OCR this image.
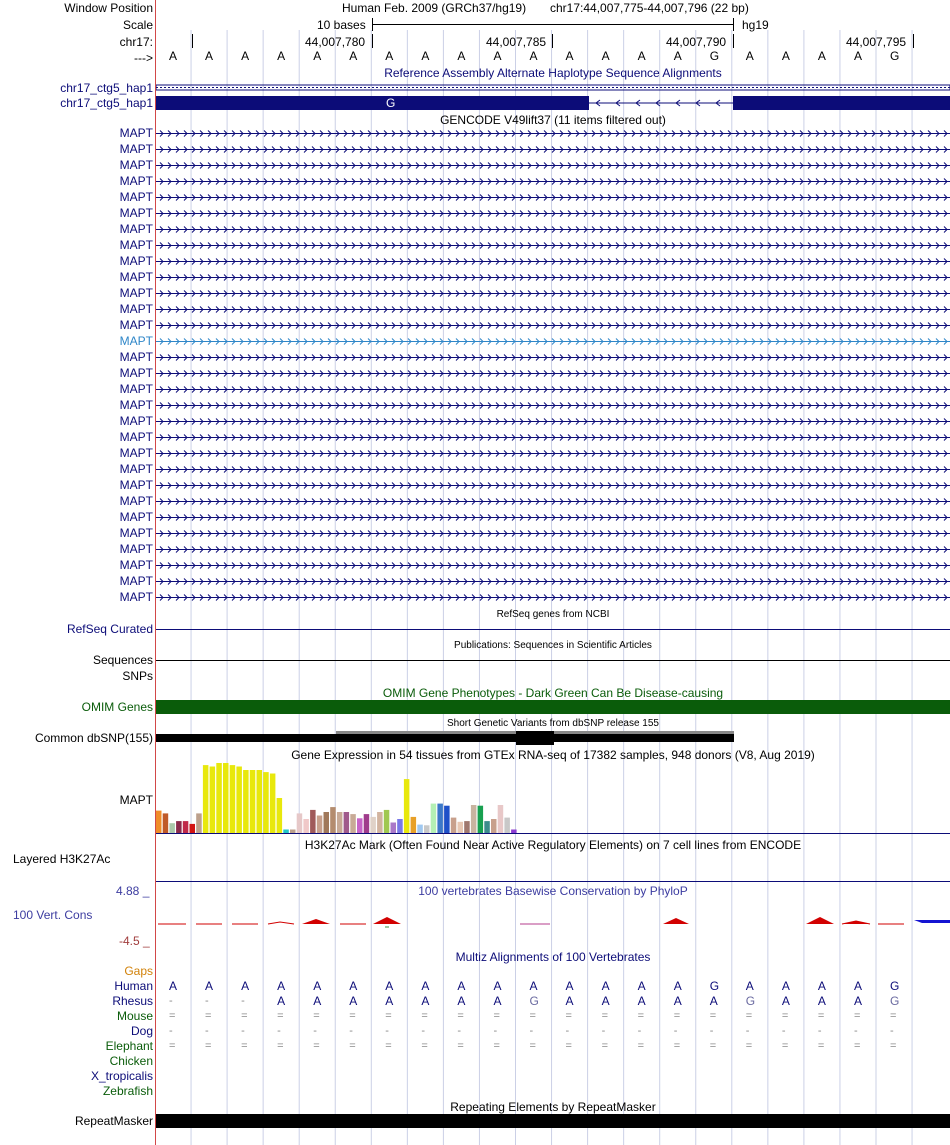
Window Position
Scale
chr17:
--->
Human Feb. 2009 (GRCh37/hg19) chr17:44,007,775-44,007,796 (22 bp)
10 bases	hg19
44,007,780	44,007,785	44,007,790	44,007,795
A A A A A A A A A A A A A A A G A A A A G
Reference Assembly Alternate Haplotype Sequence Alignments
chr17_ctg5_hap1
chr17_ctg5_hap1	G
GENCODE V49lift37 (11 items filtered out)
MAPT
MAPT
MAPT
MAPT
MAPT
MAPT
MAPT
MAPT
MAPT
MAPT
MAPT
MAPT
MAPT
MAPT
MAPT
MAPT
MAPT
MAPT
MAPT
MAPT
MAPT
MAPT
MAPT
MAPT
MAPT
MAPT
MAPT
MAPT
MAPT
MAPT
RefSeq genes from NCBI
RefSeq Curated
Publications: Sequences in Scientific Articles
Sequences
SNPs
OMIM Gene Phenotypes - Dark Green Can Be Disease-causing
OMIM Genes
Short Genetic Variants from dbSNP release 155
Common dbSNP(155)
Gene Expression in 54 tissues from GTEx RNA-seq of 17382 samples, 948 donors (V8, Aug 2019)
MAPT
H3K27Ac Mark (Often Found Near Active Regulatory Elements) on 7 cell lines from ENCODE
Layered H3K27Ac
100 vertebrates Basewise Conservation by PhyloP
4.88 _
100 Vert. Cons
-4.5 _
Multiz Alignments of 100 Vertebrates
Gaps
Human A A A A A A A A A A A A A A A G A A A A G
Rhesus -	-	-	A A A A A A A G A A A A A G A A A G
Mouse =	=	=	=	=	=	=	=	=	=	=	=	=	=	=	=	=	=	=	=	=
Dog -	-	-	-	-	-	-	-	-	-	-	-	-	-	-	-	-	-	-	-	-
Elephant =	=	=	=	=	=	=	=	=	=	=	=	=	=	=	=	=	=	=	=	=
Chicken
X_tropicalis
Zebrafish
Repeating Elements by RepeatMasker
RepeatMasker
